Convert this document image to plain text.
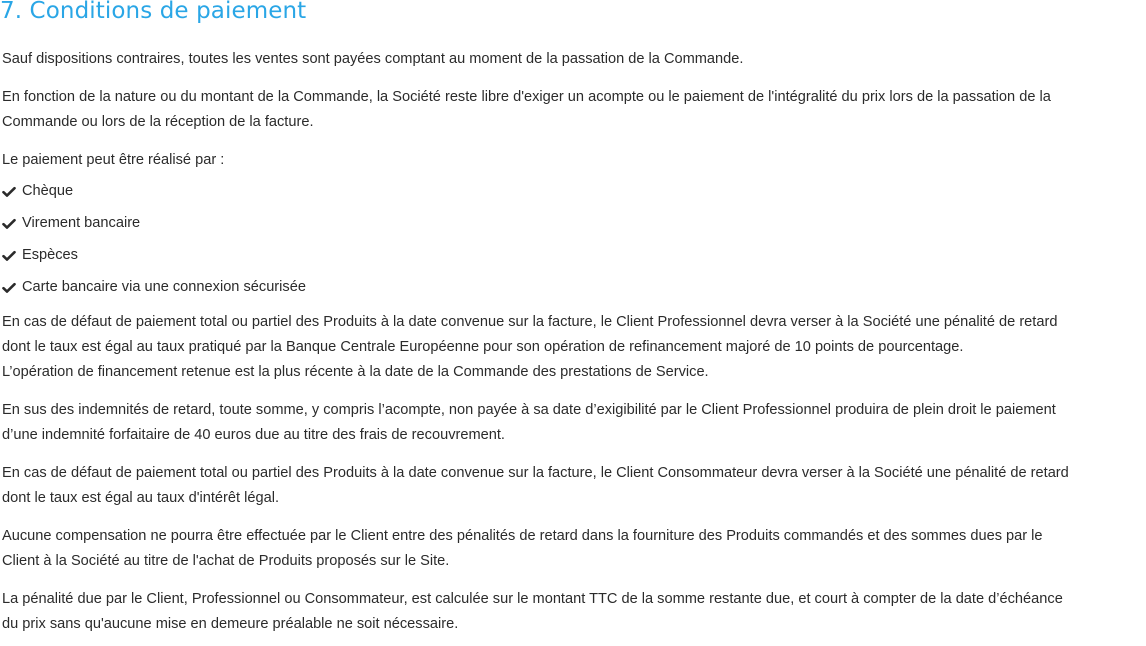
7. Conditions de paiement

Sauf dispositions contraires, toutes les ventes sont payées comptant au moment de la passation de la Commande.

En fonction de la nature ou du montant de la Commande, la Société reste libre d'exiger un acompte ou le paiement de l'intégralité du prix lors de la passation de la
Commande ou lors de la réception de la facture.

Le paiement peut être réalisé par :

Chèque
Virement bancaire
Espèces
Carte bancaire via une connexion sécurisée

En cas de défaut de paiement total ou partiel des Produits à la date convenue sur la facture, le Client Professionnel devra verser à la Société une pénalité de retard
dont le taux est égal au taux pratiqué par la Banque Centrale Européenne pour son opération de refinancement majoré de 10 points de pourcentage.
L’opération de financement retenue est la plus récente à la date de la Commande des prestations de Service.

En sus des indemnités de retard, toute somme, y compris l’acompte, non payée à sa date d’exigibilité par le Client Professionnel produira de plein droit le paiement
d’une indemnité forfaitaire de 40 euros due au titre des frais de recouvrement.

En cas de défaut de paiement total ou partiel des Produits à la date convenue sur la facture, le Client Consommateur devra verser à la Société une pénalité de retard
dont le taux est égal au taux d'intérêt légal.

Aucune compensation ne pourra être effectuée par le Client entre des pénalités de retard dans la fourniture des Produits commandés et des sommes dues par le
Client à la Société au titre de l'achat de Produits proposés sur le Site.

La pénalité due par le Client, Professionnel ou Consommateur, est calculée sur le montant TTC de la somme restante due, et court à compter de la date d’échéance
du prix sans qu'aucune mise en demeure préalable ne soit nécessaire.
